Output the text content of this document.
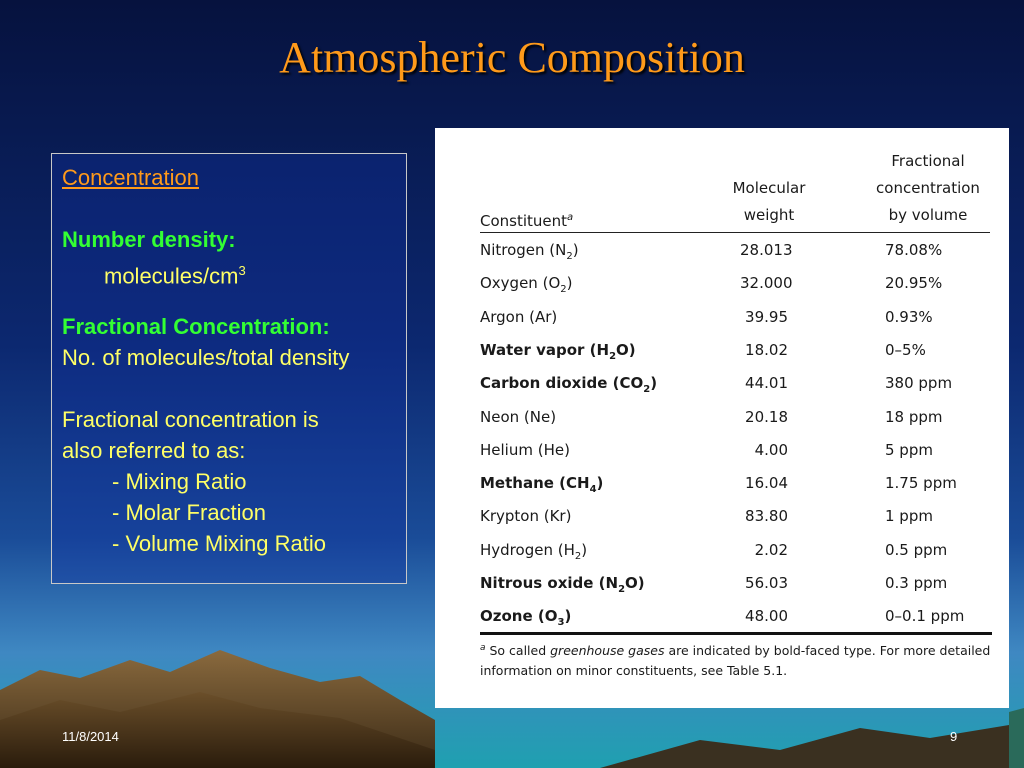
Atmospheric Composition
Concentration
Number density:
molecules/$cm^3$
Fractional Concentration:
No. of molecules/total density
Fractional concentration is
also referred to as:
- Mixing Ratio
- Molar Fraction
- Volume Mixing Ratio
Constituent$^a$
Molecular
weight
Fractional
concentration
by volume
Nitrogen $(N_2)$	28.013	78.08%
Oxygen $(O_2)$	32.000	20.95%
Argon (Ar)	39.95	0.93%
Water vapor $(H_2O)$	18.02	0–5%
Carbon dioxide $(CO_2)$	44.01	380 ppm
Neon (Ne)	20.18	18 ppm
Helium (He)	4.00	5 ppm
Methane $(CH_4)$	16.04	1.75 ppm
Krypton (Kr)	83.80	1 ppm
Hydrogen $(H_2)$	2.02	0.5 ppm
Nitrous oxide $(N_2O)$	56.03	0.3 ppm
Ozone $(O_3)$	48.00	0–0.1 ppm
$^a$ So called greenhouse gases are indicated by bold-faced type. For more detailed information on minor constituents, see Table 5.1.
11/8/2014	9
